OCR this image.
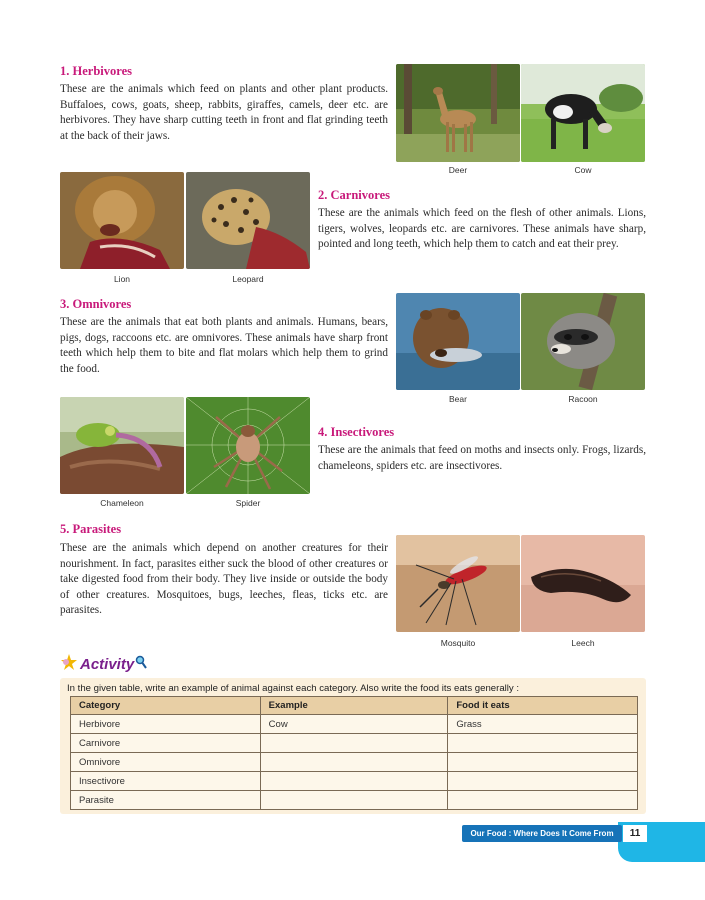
1. Herbivores

These are the animals which feed on plants and other plant products. Buffaloes, cows, goats, sheep, rabbits, giraffes, camels, deer etc. are herbivores. They have sharp cutting teeth in front and flat grinding teeth at the back of their jaws.

Deer	Cow
Lion	Leopard
2. Carnivores

These are the animals which feed on the flesh of other animals. Lions, tigers, wolves, leopards etc. are carnivores. These animals have sharp, pointed and long teeth, which help them to catch and eat their prey.

3. Omnivores

These are the animals that eat both plants and animals. Humans, bears, pigs, dogs, raccoons etc. are omnivores. These animals have sharp front teeth which help them to bite and flat molars which help them to grind the food.

Bear	Racoon
Chameleon	Spider
4. Insectivores

These are the animals that feed on moths and insects only. Frogs, lizards, chameleons, spiders etc. are insectivores.

5. Parasites

These are the animals which depend on another creatures for their nourishment. In fact, parasites either suck the blood of other creatures or take digested food from their body. They live inside or outside the body of other creatures. Mosquitoes, bugs, leeches, fleas, ticks etc. are parasites.

Mosquito	Leech
Activity
In the given table, write an example of animal against each category. Also write the food its eats generally :
Category	Example	Food it eats
Herbivore	Cow	Grass
Carnivore		
Omnivore		
Insectivore		
Parasite		
Our Food : Where Does It Come From	11
